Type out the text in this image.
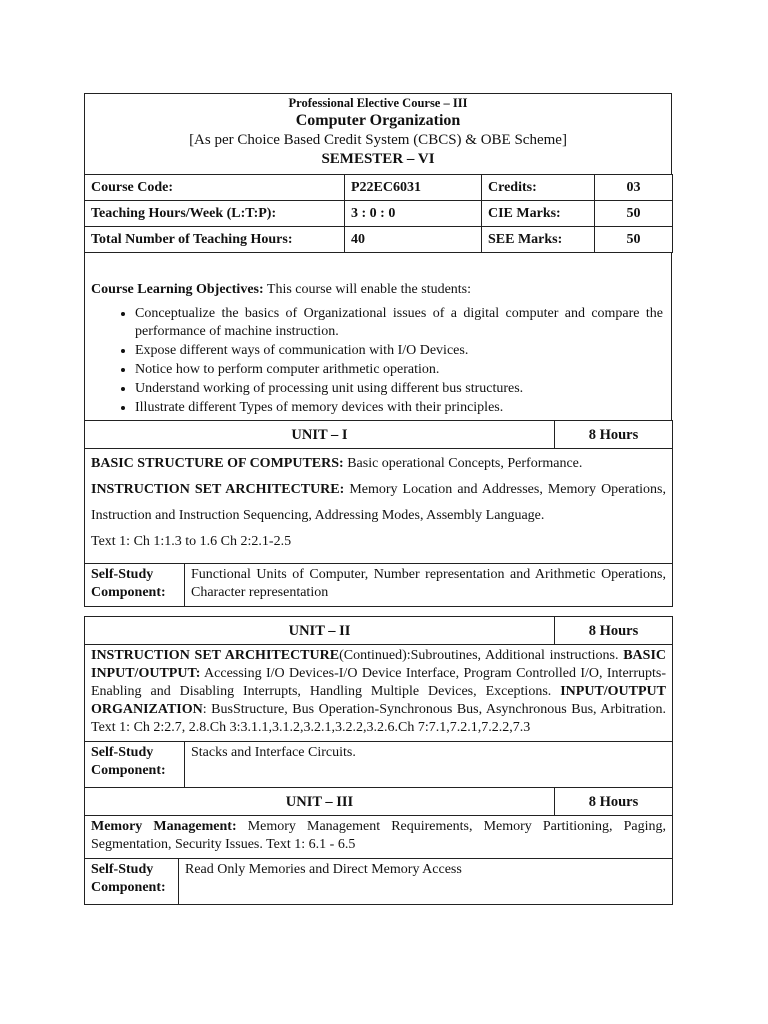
Professional Elective Course – III
Computer Organization
[As per Choice Based Credit System (CBCS) & OBE Scheme]
SEMESTER – VI
Course Code:	P22EC6031	Credits:	03
Teaching Hours/Week (L:T:P):	3 : 0 : 0	CIE Marks:	50
Total Number of Teaching Hours:	40	SEE Marks:	50
Course Learning Objectives: This course will enable the students:
• Conceptualize the basics of Organizational issues of a digital computer and compare the performance of machine instruction.
• Expose different ways of communication with I/O Devices.
• Notice how to perform computer arithmetic operation.
• Understand working of processing unit using different bus structures.
• Illustrate different Types of memory devices with their principles.
UNIT – I	8 Hours

BASIC STRUCTURE OF COMPUTERS: Basic operational Concepts, Performance.

INSTRUCTION SET ARCHITECTURE: Memory Location and Addresses, Memory Operations, Instruction and Instruction Sequencing, Addressing Modes, Assembly Language.

Text 1: Ch 1:1.3 to 1.6 Ch 2:2.1-2.5

Self-Study Component:	Functional Units of Computer, Number representation and Arithmetic Operations, Character representation
UNIT – II	8 Hours

INSTRUCTION SET ARCHITECTURE(Continued):Subroutines, Additional instructions. BASIC INPUT/OUTPUT: Accessing I/O Devices-I/O Device Interface, Program Controlled I/O, Interrupts-Enabling and Disabling Interrupts, Handling Multiple Devices, Exceptions. INPUT/OUTPUT ORGANIZATION: BusStructure, Bus Operation-Synchronous Bus, Asynchronous Bus, Arbitration. Text 1: Ch 2:2.7, 2.8.Ch 3:3.1.1,3.1.2,3.2.1,3.2.2,3.2.6.Ch 7:7.1,7.2.1,7.2.2,7.3

Self-Study Component:	Stacks and Interface Circuits.
UNIT – III	8 Hours

Memory Management: Memory Management Requirements, Memory Partitioning, Paging, Segmentation, Security Issues. Text 1: 6.1 - 6.5

Self-Study Component:	Read Only Memories and Direct Memory Access
